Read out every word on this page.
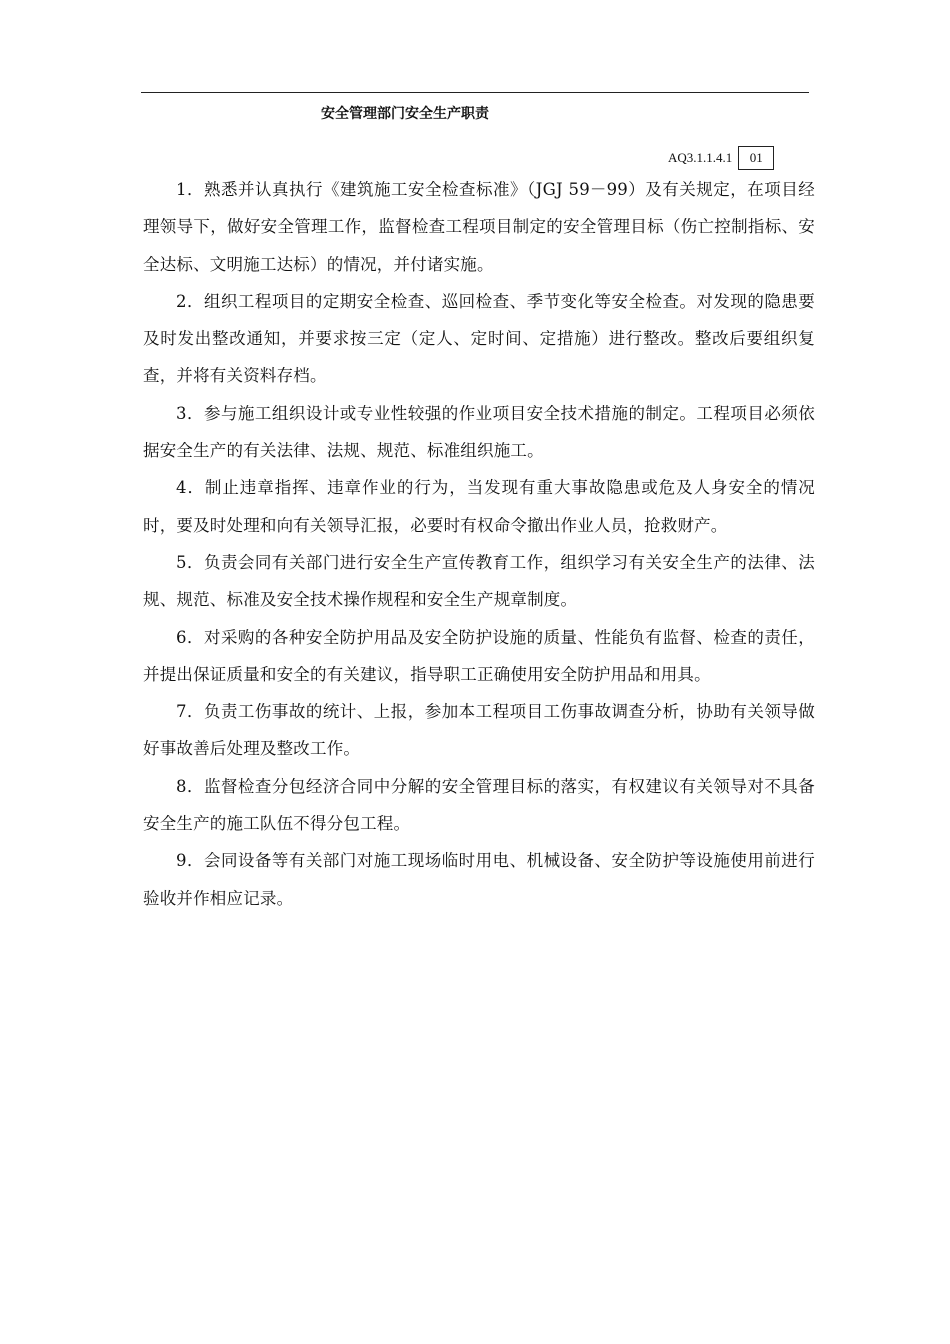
安全管理部门安全生产职责
AQ3.1.1.4.1	01

1．熟悉并认真执行《建筑施工安全检查标准》（JGJ 59－99）及有关规定，在项目经理领导下，做好安全管理工作，监督检查工程项目制定的安全管理目标（伤亡控制指标、安全达标、文明施工达标）的情况，并付诸实施。

2．组织工程项目的定期安全检查、巡回检查、季节变化等安全检查。对发现的隐患要及时发出整改通知，并要求按三定（定人、定时间、定措施）进行整改。整改后要组织复查，并将有关资料存档。

3．参与施工组织设计或专业性较强的作业项目安全技术措施的制定。工程项目必须依据安全生产的有关法律、法规、规范、标准组织施工。

4．制止违章指挥、违章作业的行为，当发现有重大事故隐患或危及人身安全的情况时，要及时处理和向有关领导汇报，必要时有权命令撤出作业人员，抢救财产。

5．负责会同有关部门进行安全生产宣传教育工作，组织学习有关安全生产的法律、法规、规范、标准及安全技术操作规程和安全生产规章制度。

6．对采购的各种安全防护用品及安全防护设施的质量、性能负有监督、检查的责任，并提出保证质量和安全的有关建议，指导职工正确使用安全防护用品和用具。

7．负责工伤事故的统计、上报，参加本工程项目工伤事故调查分析，协助有关领导做好事故善后处理及整改工作。

8．监督检查分包经济合同中分解的安全管理目标的落实，有权建议有关领导对不具备安全生产的施工队伍不得分包工程。

9．会同设备等有关部门对施工现场临时用电、机械设备、安全防护等设施使用前进行验收并作相应记录。
